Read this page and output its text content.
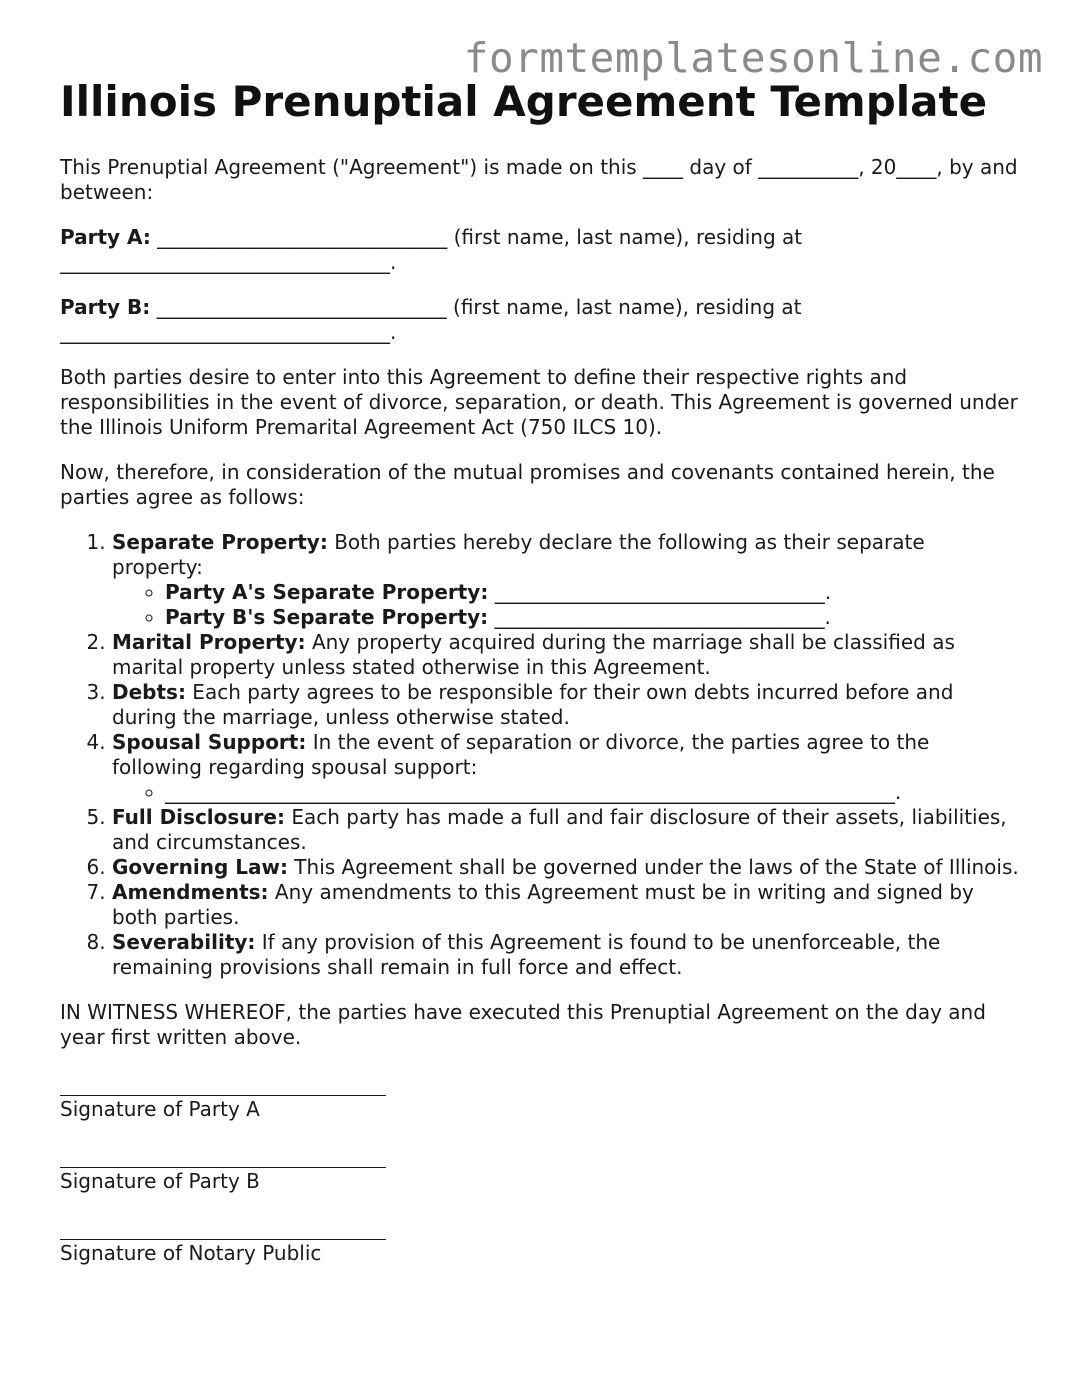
formtemplatesonline.com
Illinois Prenuptial Agreement Template

This Prenuptial Agreement ("Agreement") is made on this ____ day of __________, 20____, by and between:

Party A: _____________________________ (first name, last name), residing at _________________________________.

Party B: _____________________________ (first name, last name), residing at _________________________________.

Both parties desire to enter into this Agreement to define their respective rights and responsibilities in the event of divorce, separation, or death. This Agreement is governed under the Illinois Uniform Premarital Agreement Act (750 ILCS 10).

Now, therefore, in consideration of the mutual promises and covenants contained herein, the parties agree as follows:

1. Separate Property: Both parties hereby declare the following as their separate property:
◦ Party A's Separate Property: _________________________________.
◦ Party B's Separate Property: _________________________________.
2. Marital Property: Any property acquired during the marriage shall be classified as marital property unless stated otherwise in this Agreement.
3. Debts: Each party agrees to be responsible for their own debts incurred before and during the marriage, unless otherwise stated.
4. Spousal Support: In the event of separation or divorce, the parties agree to the following regarding spousal support:
◦ _________________________________________________________________________.
5. Full Disclosure: Each party has made a full and fair disclosure of their assets, liabilities, and circumstances.
6. Governing Law: This Agreement shall be governed under the laws of the State of Illinois.
7. Amendments: Any amendments to this Agreement must be in writing and signed by both parties.
8. Severability: If any provision of this Agreement is found to be unenforceable, the remaining provisions shall remain in full force and effect.

IN WITNESS WHEREOF, the parties have executed this Prenuptial Agreement on the day and year first written above.

Signature of Party A
Signature of Party B
Signature of Notary Public
